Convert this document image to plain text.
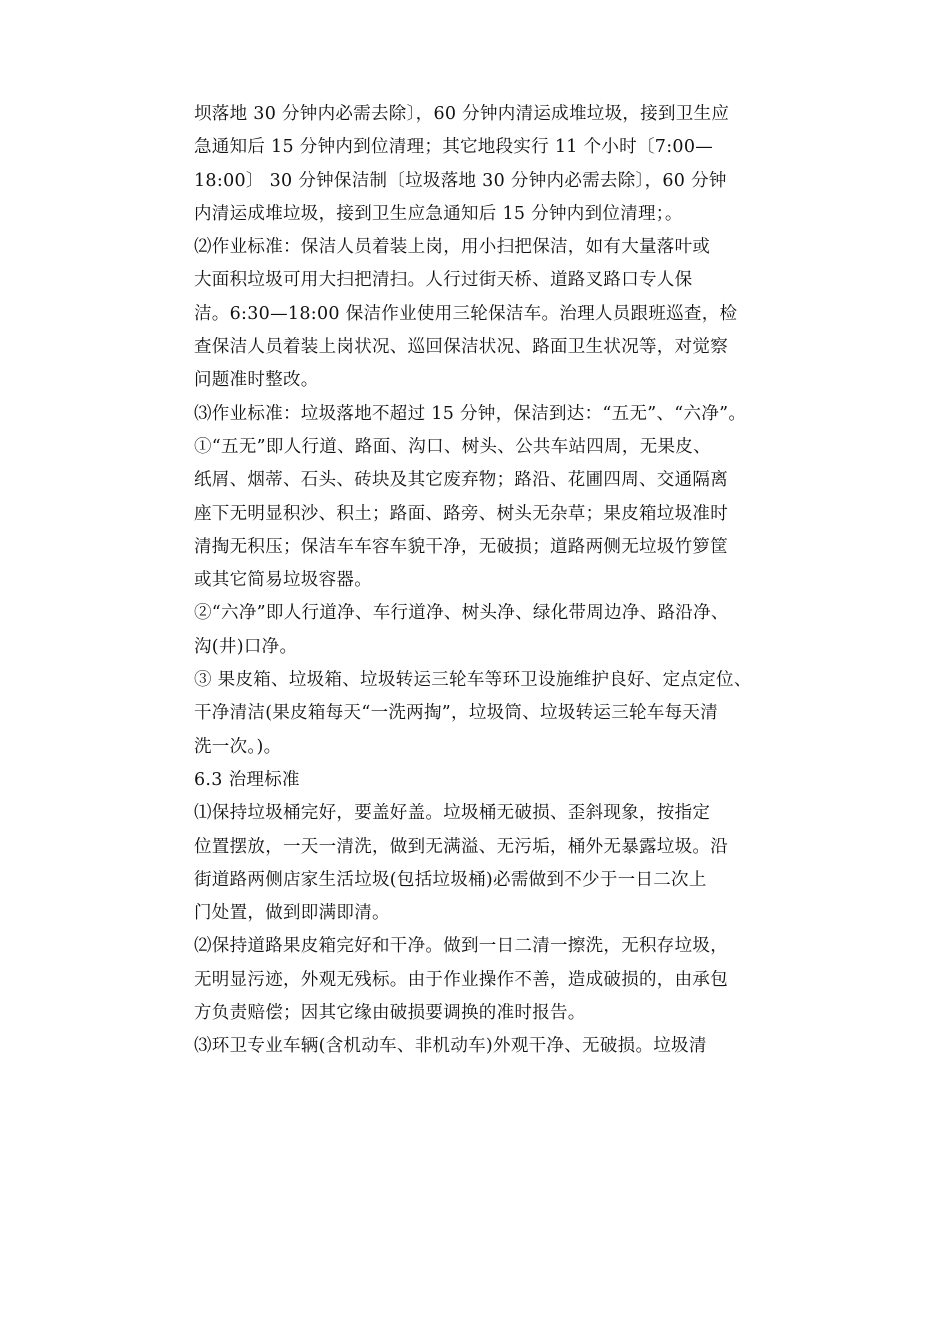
坝落地 30 分钟内必需去除〕，60 分钟内清运成堆垃圾，接到卫生应
急通知后 15 分钟内到位清理；其它地段实行 11 个小时〔7:00—
18:00〕 30 分钟保洁制〔垃圾落地 30 分钟内必需去除〕，60 分钟
内清运成堆垃圾，接到卫生应急通知后 15 分钟内到位清理；。
⑵作业标准：保洁人员着装上岗，用小扫把保洁，如有大量落叶或
大面积垃圾可用大扫把清扫。人行过街天桥、道路叉路口专人保
洁。6:30—18:00 保洁作业使用三轮保洁车。治理人员跟班巡查，检
查保洁人员着装上岗状况、巡回保洁状况、路面卫生状况等，对觉察
问题准时整改。
⑶作业标准：垃圾落地不超过 15 分钟，保洁到达：“五无”、“六净”。
①“五无”即人行道、路面、沟口、树头、公共车站四周，无果皮、
纸屑、烟蒂、石头、砖块及其它废弃物；路沿、花圃四周、交通隔离
座下无明显积沙、积土；路面、路旁、树头无杂草；果皮箱垃圾准时
清掏无积压；保洁车车容车貌干净，无破损；道路两侧无垃圾竹箩筐
或其它简易垃圾容器。
②“六净”即人行道净、车行道净、树头净、绿化带周边净、路沿净、
沟(井)口净。
③ 果皮箱、垃圾箱、垃圾转运三轮车等环卫设施维护良好、定点定位、
干净清洁(果皮箱每天“一洗两掏”，垃圾筒、垃圾转运三轮车每天清
洗一次。)。
6.3 治理标准
⑴保持垃圾桶完好，要盖好盖。垃圾桶无破损、歪斜现象，按指定
位置摆放，一天一清洗，做到无满溢、无污垢，桶外无暴露垃圾。沿
街道路两侧店家生活垃圾(包括垃圾桶)必需做到不少于一日二次上
门处置，做到即满即清。
⑵保持道路果皮箱完好和干净。做到一日二清一擦洗，无积存垃圾，
无明显污迹，外观无残标。由于作业操作不善，造成破损的，由承包
方负责赔偿；因其它缘由破损要调换的准时报告。
⑶环卫专业车辆(含机动车、非机动车)外观干净、无破损。垃圾清
